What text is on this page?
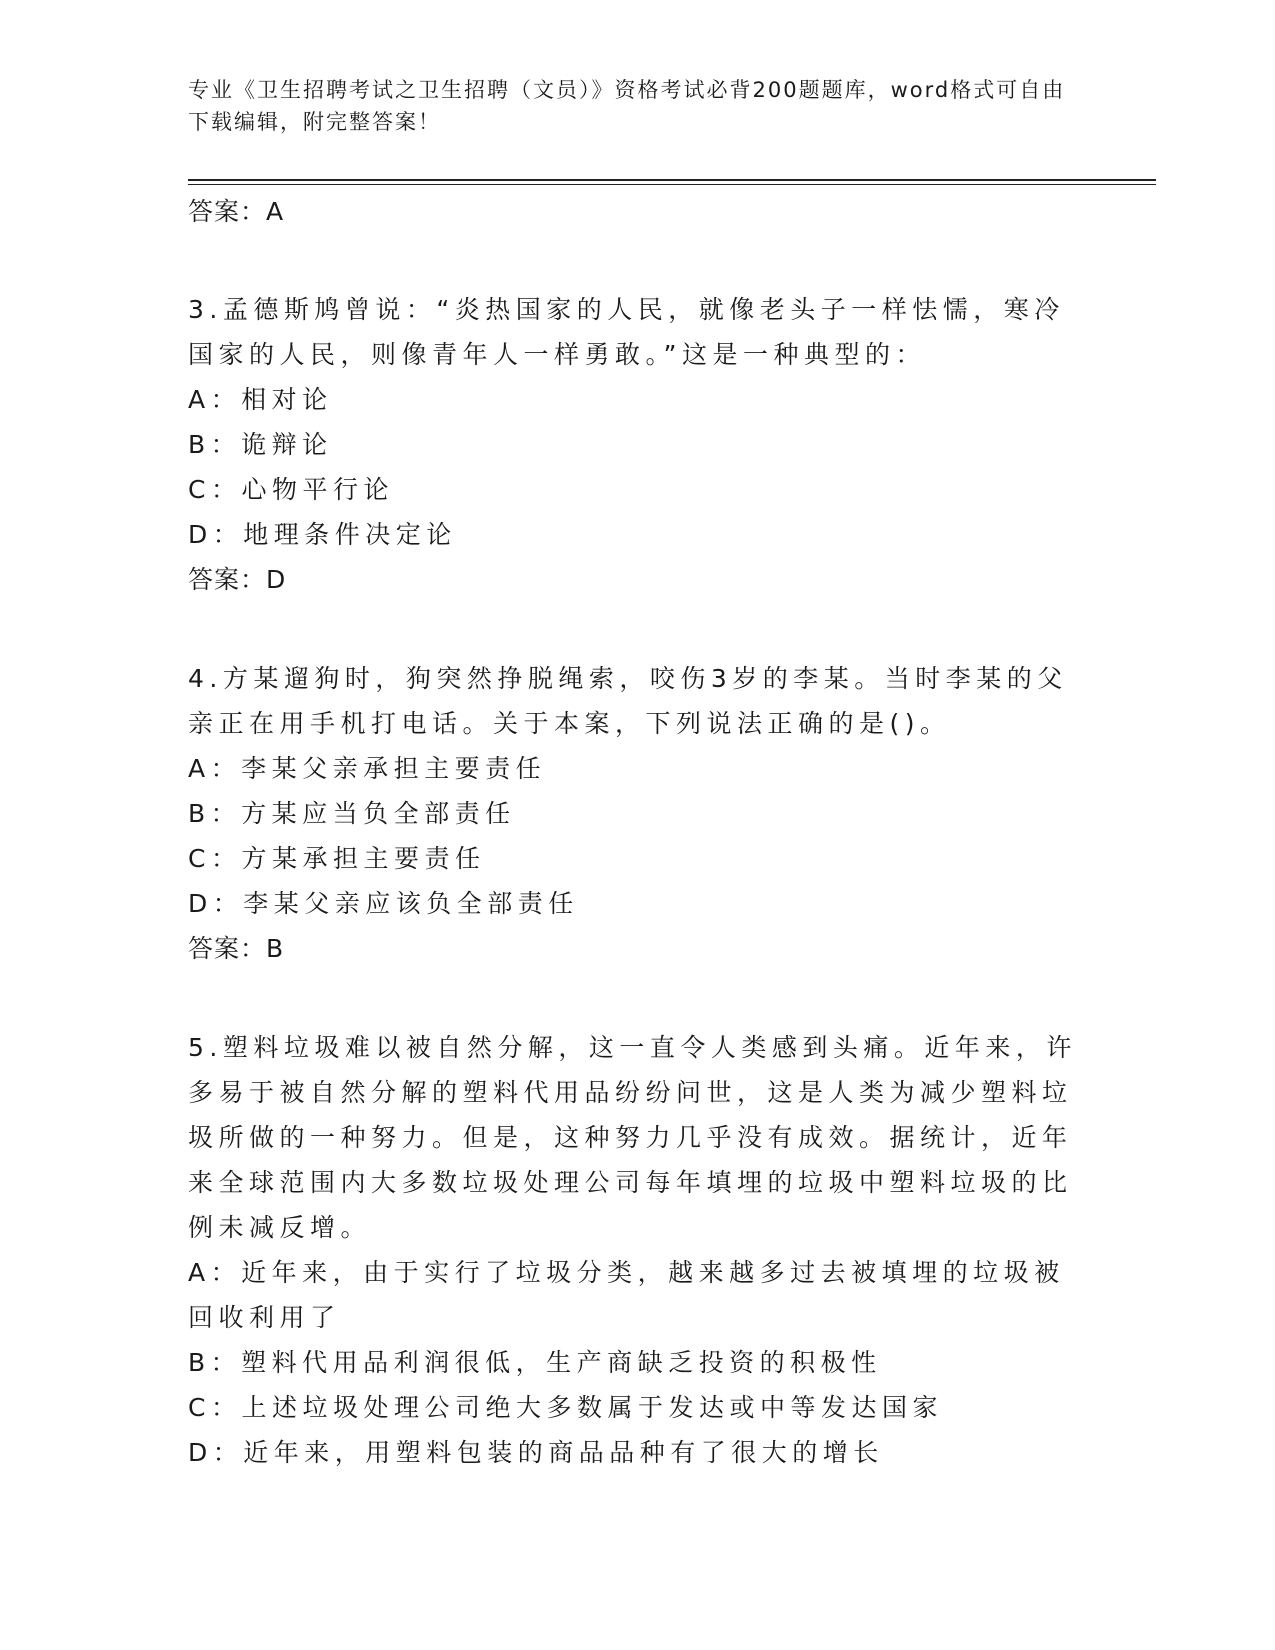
专业《卫生招聘考试之卫生招聘（文员）》资格考试必背200题题库，word格式可自由下载编辑，附完整答案！

答案：A

3.孟德斯鸠曾说：“炎热国家的人民，就像老头子一样怯懦，寒冷国家的人民，则像青年人一样勇敢。”这是一种典型的：

A：相对论

B：诡辩论

C：心物平行论

D：地理条件决定论

答案：D

4.方某遛狗时，狗突然挣脱绳索，咬伤3岁的李某。当时李某的父亲正在用手机打电话。关于本案，下列说法正确的是()。

A：李某父亲承担主要责任

B：方某应当负全部责任

C：方某承担主要责任

D：李某父亲应该负全部责任

答案：B

5.塑料垃圾难以被自然分解，这一直令人类感到头痛。近年来，许多易于被自然分解的塑料代用品纷纷问世，这是人类为减少塑料垃圾所做的一种努力。但是，这种努力几乎没有成效。据统计，近年来全球范围内大多数垃圾处理公司每年填埋的垃圾中塑料垃圾的比例未减反增。

A：近年来，由于实行了垃圾分类，越来越多过去被填埋的垃圾被回收利用了

B：塑料代用品利润很低，生产商缺乏投资的积极性

C：上述垃圾处理公司绝大多数属于发达或中等发达国家

D：近年来，用塑料包装的商品品种有了很大的增长
